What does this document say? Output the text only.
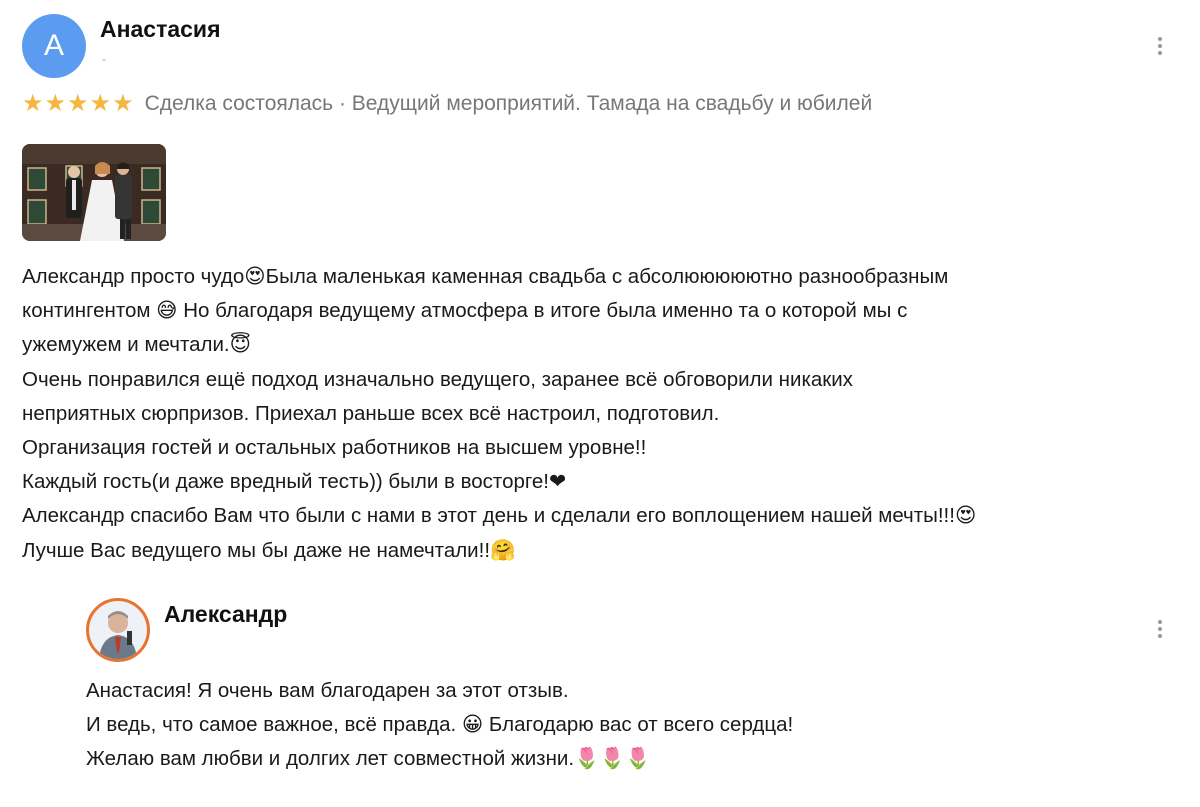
А Анастасия
-
★ ★ ★ ★ ★ Сделка состоялась · Ведущий мероприятий. Тамада на свадьбу и юбилей
Александр просто чудо😍Была маленькая каменная свадьба с абсолююююютно разнообразным
контингентом 😅 Но благодаря ведущему атмосфера в итоге была именно та о которой мы с
ужемужем и мечтали.😇
Очень понравился ещё подход изначально ведущего, заранее всё обговорили никаких
неприятных сюрпризов. Приехал раньше всех всё настроил, подготовил.
Организация гостей и остальных работников на высшем уровне!!
Каждый гость(и даже вредный тесть)) были в восторге!❤
Александр спасибо Вам что были с нами в этот день и сделали его воплощением нашей мечты!!!😍
Лучше Вас ведущего мы бы даже не намечтали!!🤗
Александр
Анастасия! Я очень вам благодарен за этот отзыв.
И ведь, что самое важное, всё правда. 😀 Благодарю вас от всего сердца!
Желаю вам любви и долгих лет совместной жизни.🌷🌷🌷
